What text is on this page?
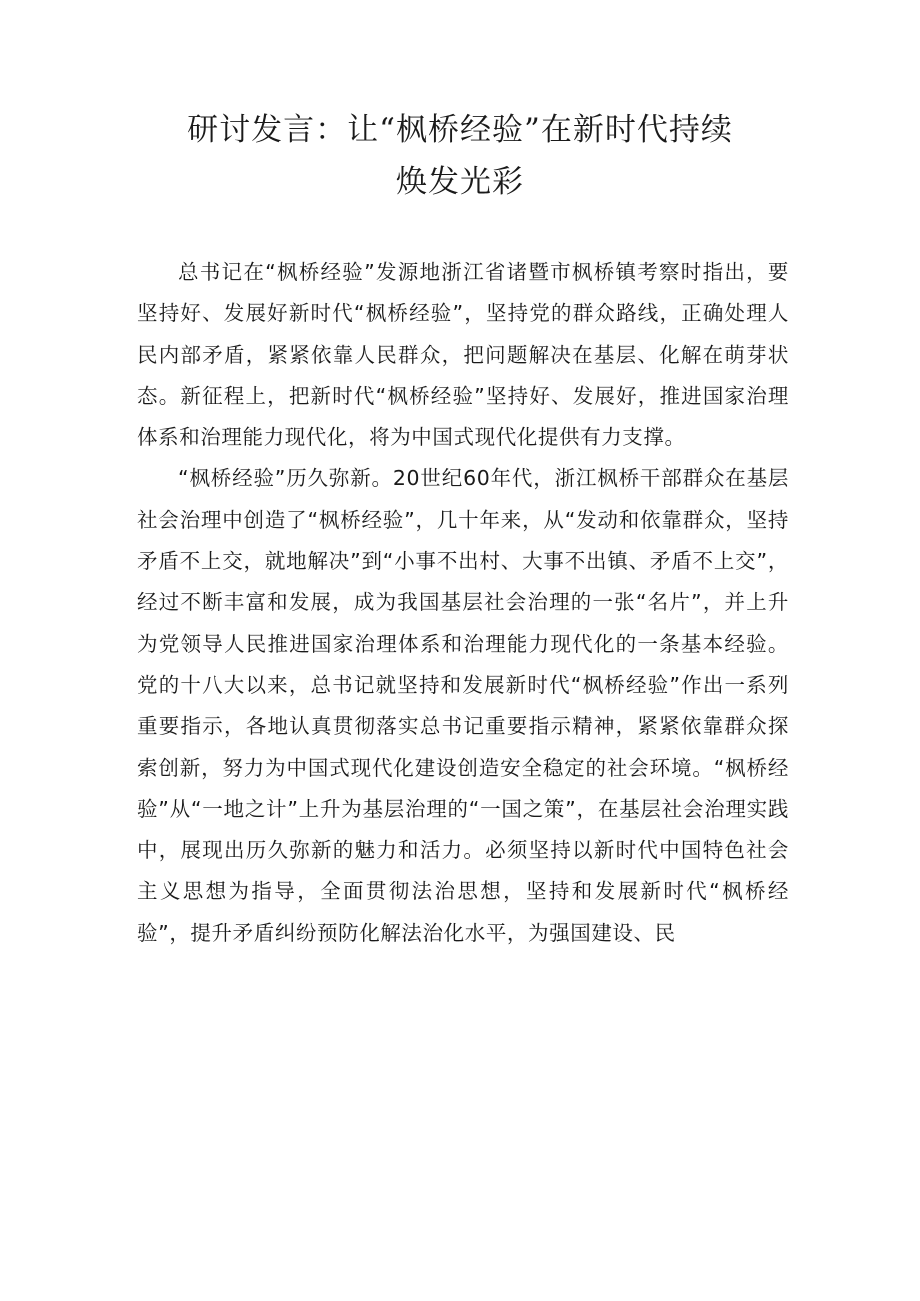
研讨发言：让“枫桥经验”在新时代持续
焕发光彩

总书记在“枫桥经验”发源地浙江省诸暨市枫桥镇考察时指出，要坚持好、发展好新时代“枫桥经验”，坚持党的群众路线，正确处理人民内部矛盾，紧紧依靠人民群众，把问题解决在基层、化解在萌芽状态。新征程上，把新时代“枫桥经验”坚持好、发展好，推进国家治理体系和治理能力现代化，将为中国式现代化提供有力支撑。

“枫桥经验”历久弥新。20世纪60年代，浙江枫桥干部群众在基层社会治理中创造了“枫桥经验”，几十年来，从“发动和依靠群众，坚持矛盾不上交，就地解决”到“小事不出村、大事不出镇、矛盾不上交”，经过不断丰富和发展，成为我国基层社会治理的一张“名片”，并上升为党领导人民推进国家治理体系和治理能力现代化的一条基本经验。党的十八大以来，总书记就坚持和发展新时代“枫桥经验”作出一系列重要指示，各地认真贯彻落实总书记重要指示精神，紧紧依靠群众探索创新，努力为中国式现代化建设创造安全稳定的社会环境。“枫桥经验”从“一地之计”上升为基层治理的“一国之策”，在基层社会治理实践中，展现出历久弥新的魅力和活力。必须坚持以新时代中国特色社会主义思想为指导，全面贯彻法治思想，坚持和发展新时代“枫桥经验”，提升矛盾纠纷预防化解法治化水平，为强国建设、民
